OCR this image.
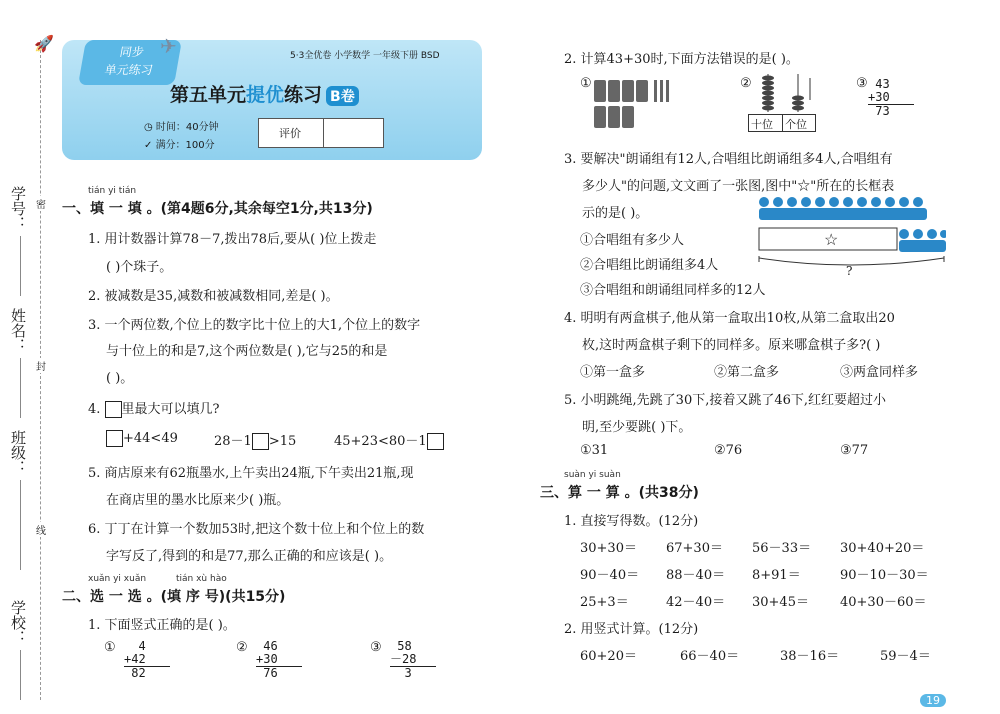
密
封
线
学号：
姓名：
班级：
学校：
🚀	同步
单元练习
✈	5·3全优卷 小学数学 一年级下册 BSD
第五单元提优练习 B卷
◷ 时间：40分钟
✓ 满分：100分
评价
tián yi tián
一、填 一 填 。(第4题6分,其余每空1分,共13分)
1. 用计数器计算78－7,拨出78后,要从( )位上拨走
( )个珠子。
2. 被减数是35,减数和被减数相同,差是( )。
3. 一个两位数,个位上的数字比十位上的大1,个位上的数字
与十位上的和是7,这个两位数是( ),它与25的和是
( )。
4. 里最大可以填几?
+44<49	28－1 >15	45+23<80－1
5. 商店原来有62瓶墨水,上午卖出24瓶,下午卖出21瓶,现
在商店里的墨水比原来少( )瓶。
6. 丁丁在计算一个数加53时,把这个数十位上和个位上的数
字写反了,得到的和是77,那么正确的和应该是( )。
xuǎn yi xuǎn	tián xù hào
二、选 一 选 。(填 序 号)(共15分)
1. 下面竖式正确的是( )。
① 4
+42
82
② 46
+30
76
③ 58
－28
3
2. 计算43+30时,下面方法错误的是( )。
①	②
十位 个位
③ 43
+30
73
3. 要解决"朗诵组有12人,合唱组比朗诵组多4人,合唱组有
多少人"的问题,文文画了一张图,图中"☆"所在的长框表
示的是( )。
①合唱组有多少人
②合唱组比朗诵组多4人
③合唱组和朗诵组同样多的12人
☆
?
4. 明明有两盒棋子,他从第一盒取出10枚,从第二盒取出20
枚,这时两盒棋子剩下的同样多。原来哪盒棋子多?( )
①第一盒多	②第二盒多	③两盒同样多
5. 小明跳绳,先跳了30下,接着又跳了46下,红红要超过小
明,至少要跳( )下。
①31	②76	③77
suàn yi suàn
三、算 一 算 。(共38分)
1. 直接写得数。(12分)
30+30＝ 67+30＝ 56－33＝ 30+40+20＝
90－40＝ 88－40＝ 8+91＝	90－10－30＝
25+3＝	42－40＝ 30+45＝ 40+30－60＝
2. 用竖式计算。(12分)
60+20＝	66－40＝	38－16＝	59－4＝
19
